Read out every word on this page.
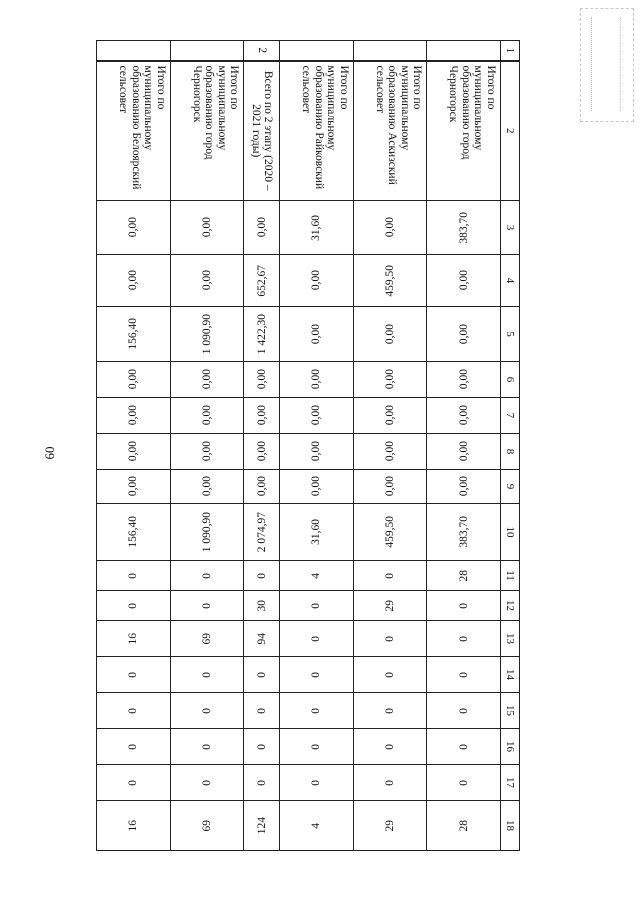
60
1	2	3	4	5	6	7	8	9	10	11	12	13	14	15	16	17	18
	Итого по муниципальному образованию город Черногорск	383,70	0,00	0,00	0,00	0,00	0,00	0,00	383,70	28	0	0	0	0	0	0	28
	Итого по муниципальному образованию Аскизский сельсовет	0,00	459,50	0,00	0,00	0,00	0,00	0,00	459,50	0	29	0	0	0	0	0	29
	Итого по муниципальному образованию Райковский сельсовет	31,60	0,00	0,00	0,00	0,00	0,00	0,00	31,60	4	0	0	0	0	0	0	4
2	Всего по 2 этапу (2020 – 2021 годы)	0,00	652,67	1 422,30	0,00	0,00	0,00	0,00	2 074,97	0	30	94	0	0	0	0	124
	Итого по муниципальному образованию город Черногорск	0,00	0,00	1 090,90	0,00	0,00	0,00	0,00	1 090,90	0	0	69	0	0	0	0	69
	Итого по муниципальному образованию Белоярский сельсовет	0,00	0,00	156,40	0,00	0,00	0,00	0,00	156,40	0	0	16	0	0	0	0	16
